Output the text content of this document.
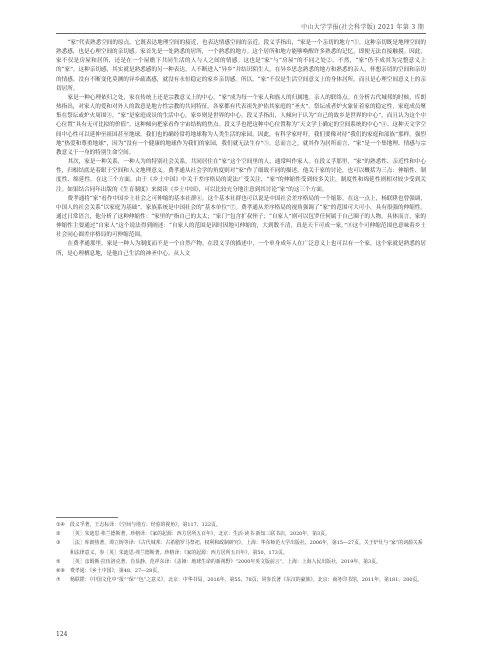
中山大学学报(社会科学版) 2021 年第 3 期

“家”代表熟悉空间的原点。它既表达地理空间的接近，也表达情感空间的亲近。段义孚指出，“家是一个亲切的地方”①。这种亲切既是地理空间的熟悉感，也是心理空间的亲切感。家首先是一处熟悉的居所，一个熟悉的地方。这个居所和地方能够唤醒许多熟悉的记忆，即便无法直接触摸。因此，家不仅是房屋和居所，还是在一个屋檐下共同生活的人与人之间的情感。这也是“家”与“房屋”的不同之处②。不然，“家”仍不成其为完整意义上的“家”。这种亲切感，其实就是熟悉感的另一种表达。人不断进入“异乡”并结识陌生人，在异乡思念熟悉的地方和熟悉的亲人，怀想亲切的空间和亲切的情感。没有不断变化莫测的异乡疏离感，就没有永恒稳定的家乡亲切感。所以，“家”不仅是生活空间意义上的身体居所，而且是心理空间意义上的亲切居所。

家是一种心理依归之处，家在传统上还是宗教意义上的中心，“家”成为每一个家人和族人的归属地。亲人的联络点。在分析古代城邦的时候，库朗热指出，对家人的爱和对外人的敌意是地方性宗教的共同特征。各家都有代表祖先护佑其家庭的“圣火”。祭坛成者炉火象征着家的稳定性，家庭成员聚集在祭坛或炉火周围③。“家”是家庭成员的生活中心，家乡则是世界的中心。段义孚指出，人倾向于认为“自己的故乡是世界的中心”，而且认为这个中心位置“具有无可比拟的价值”。这种倾向把家看作宇宙结构的焦点。段义孚也把这种中心位置称为“天文学上确定的空间系统的中心”④。这种天文学空间中心性可以延伸至祖国甚至地球。我们也的确经常将地球称为人类生活的家园。因此，有科学家呼吁，我们要像对待“我们的家庭和部族”那样，强烈地“热爱和尊重地球”，因为“没有一个健康的地球作为我们的家园，我们就无法生存”⑤。总而言之，就其作为居所而言，“家”是一个集地理、情感与宗教意义于一身的特别生命空间。

其次，家是一种关系，一种人为的特别社会关系。共同居住在“家”这个空间里的人，通常叫作家人。在段义孚那里，“家”的熟悉性、亲近性和中心性，归根结底是着眼于空间和人文地理意义。费孝通从社会学的角度则对“家”作了细致不同的描述。他关于家的讨论，也可以概括为三点：伸缩性、制度性、绵延性。在这三个方面，由于《乡土中国》中关于差序格局的说法广受关注，“家”的伸缩性受到较多关注，制度性和绵延性则相对较少受到关注。如果结合同年出版的《生育制度》来阅读《乡土中国》，可以比较充分地注意到其讨论“家”的这三个方面。

费孝通将“家”看作中国乡土社会之可伸缩的基本社群⑥。这个基本社群也可以说是中国社会差序格局的一个缩影。在这一点上，杨联陞也曾强调，中国人的社会关系“以家庭为基础”，家族系统是中国社会的“基本单位”⑦。费孝通从差序格局的视角强调了“家”的范围可大可小，具有很强的伸缩性。通过日常语言，他分析了这种伸缩性：“家里的”指自己的太太；“家门”包含扩叔侄子；“自家人”则可以包罗任何属于自己圈子的人物。具体而言，家的伸缩性主要通过“自家人”这个说法得到阐述：“自家人的范围是因时因地可伸缩的，大到数不清，真是天下可成一家。”⑧这个可伸缩范围也意味着乡土社会同心圆差序格局的可伸缩范围。

在费孝通那里，家是一种人为制度而不是一个自然产物。在段义孚的描述中，一个单身成年人在广泛意义上也可以有一个家，这个家就是熟悉的居所，是心理栖息地，是他自己生活的神圣中心。从人文

①④	段义孚著，王志标译：《空间与地方：经验的视角》，第117、122页。
②	［英］朱迪思·弗兰德斯著，珍榕译：《家的起源：西方居所五百年》，北京：生活·读书·新知三联书店，2020年，第3页。
③	［法］库朗热著，谭立铸等译：《古代城邦：古希腊罗马祭祀、权利和政制研究》，上海：华东师范大学出版社，2006年，第15—27页。关于炉灶与“家”的词源关系和法律意义，参［英］朱迪思·弗兰德斯著，珍榕译：《家的起源：西方居所五百年》，第50、173页。
⑤	［英］彦姆斯·拉伍洛克著，肖显静、范祥东译：《盖娅：地球生命的新视野》“2000年英文版前言”，上海：上海人民出版社，2019年，第3页。
⑥⑧	费孝通：《乡土中国》，第48、27—28页。
⑦	杨联陞：《中国文化中“报”“保”“包”之意义》，北京：中华书局，2016年，第55、78页；同参氏著《东汉的豪族》，北京：商务印书馆，2011年，第181、200页。
124
